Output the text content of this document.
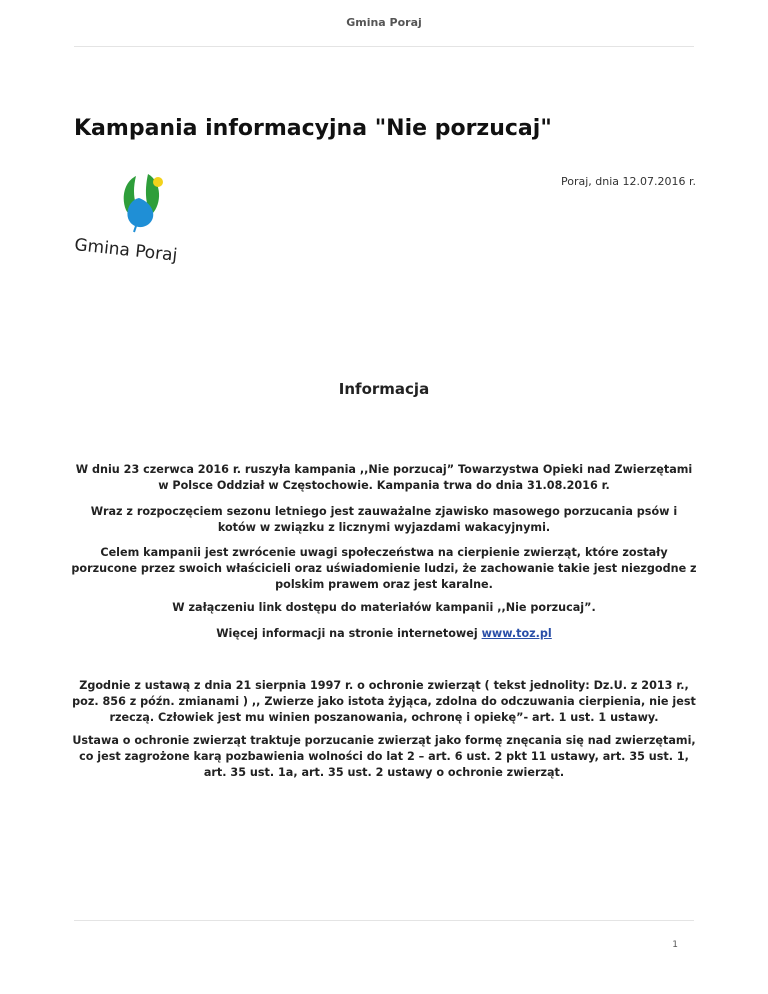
Gmina Poraj
Kampania informacyjna "Nie porzucaj"
Poraj, dnia 12.07.2016 r.
Gmina Poraj
Informacja

W dniu 23 czerwca 2016 r. ruszyła kampania ,,Nie porzucaj” Towarzystwa Opieki nad Zwierzętami w Polsce Oddział w Częstochowie. Kampania trwa do dnia 31.08.2016 r.

Wraz z rozpoczęciem sezonu letniego jest zauważalne zjawisko masowego porzucania psów i kotów w związku z licznymi wyjazdami wakacyjnymi.

Celem kampanii jest zwrócenie uwagi społeczeństwa na cierpienie zwierząt, które zostały porzucone przez swoich właścicieli oraz uświadomienie ludzi, że zachowanie takie jest niezgodne z polskim prawem oraz jest karalne.

W załączeniu link dostępu do materiałów kampanii ,,Nie porzucaj”.

Więcej informacji na stronie internetowej www.toz.pl

Zgodnie z ustawą z dnia 21 sierpnia 1997 r. o ochronie zwierząt ( tekst jednolity: Dz.U. z 2013 r., poz. 856 z późn. zmianami ) ,, Zwierze jako istota żyjąca, zdolna do odczuwania cierpienia, nie jest rzeczą. Człowiek jest mu winien poszanowania, ochronę i opiekę”- art. 1 ust. 1 ustawy.

Ustawa o ochronie zwierząt traktuje porzucanie zwierząt jako formę znęcania się nad zwierzętami, co jest zagrożone karą pozbawienia wolności do lat 2 – art. 6 ust. 2 pkt 11 ustawy, art. 35 ust. 1, art. 35 ust. 1a, art. 35 ust. 2 ustawy o ochronie zwierząt.

1
